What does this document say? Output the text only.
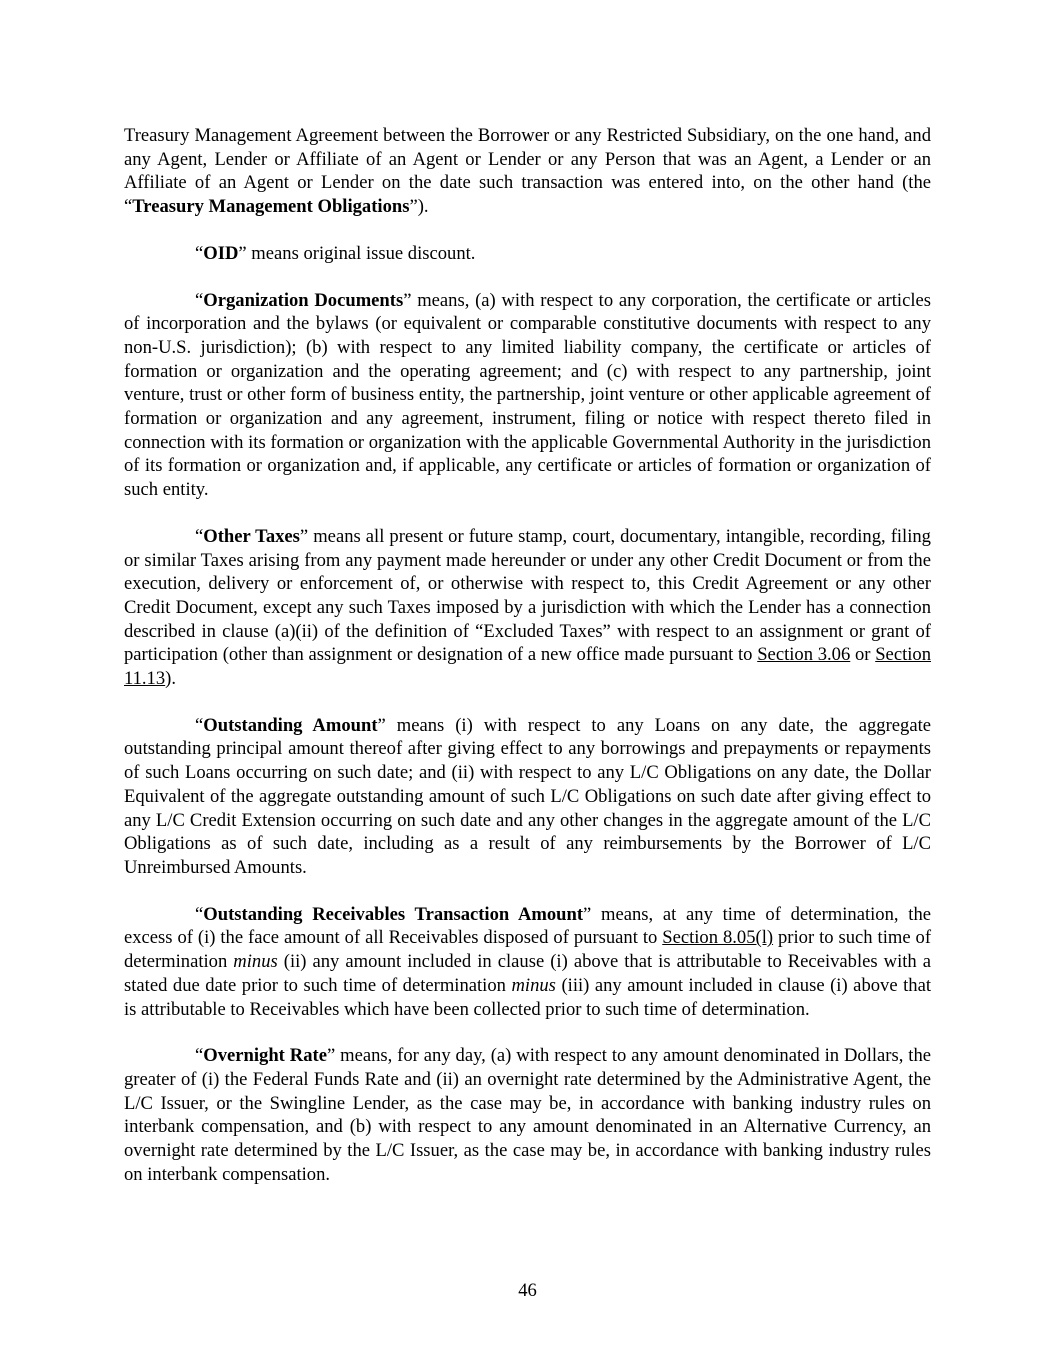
Treasury Management Agreement between the Borrower or any Restricted Subsidiary, on the one hand, and any Agent, Lender or Affiliate of an Agent or Lender or any Person that was an Agent, a Lender or an Affiliate of an Agent or Lender on the date such transaction was entered into, on the other hand (the “Treasury Management Obligations”).

“OID” means original issue discount.

“Organization Documents” means, (a) with respect to any corporation, the certificate or articles of incorporation and the bylaws (or equivalent or comparable constitutive documents with respect to any non-U.S. jurisdiction); (b) with respect to any limited liability company, the certificate or articles of formation or organization and the operating agreement; and (c) with respect to any partnership, joint venture, trust or other form of business entity, the partnership, joint venture or other applicable agreement of formation or organization and any agreement, instrument, filing or notice with respect thereto filed in connection with its formation or organization with the applicable Governmental Authority in the jurisdiction of its formation or organization and, if applicable, any certificate or articles of formation or organization of such entity.

“Other Taxes” means all present or future stamp, court, documentary, intangible, recording, filing or similar Taxes arising from any payment made hereunder or under any other Credit Document or from the execution, delivery or enforcement of, or otherwise with respect to, this Credit Agreement or any other Credit Document, except any such Taxes imposed by a jurisdiction with which the Lender has a connection described in clause (a)(ii) of the definition of “Excluded Taxes” with respect to an assignment or grant of participation (other than assignment or designation of a new office made pursuant to Section 3.06 or Section 11.13).

“Outstanding Amount” means (i) with respect to any Loans on any date, the aggregate outstanding principal amount thereof after giving effect to any borrowings and prepayments or repayments of such Loans occurring on such date; and (ii) with respect to any L/C Obligations on any date, the Dollar Equivalent of the aggregate outstanding amount of such L/C Obligations on such date after giving effect to any L/C Credit Extension occurring on such date and any other changes in the aggregate amount of the L/C Obligations as of such date, including as a result of any reimbursements by the Borrower of L/C Unreimbursed Amounts.

“Outstanding Receivables Transaction Amount” means, at any time of determination, the excess of (i) the face amount of all Receivables disposed of pursuant to Section 8.05(l) prior to such time of determination minus (ii) any amount included in clause (i) above that is attributable to Receivables with a stated due date prior to such time of determination minus (iii) any amount included in clause (i) above that is attributable to Receivables which have been collected prior to such time of determination.

“Overnight Rate” means, for any day, (a) with respect to any amount denominated in Dollars, the greater of (i) the Federal Funds Rate and (ii) an overnight rate determined by the Administrative Agent, the L/C Issuer, or the Swingline Lender, as the case may be, in accordance with banking industry rules on interbank compensation, and (b) with respect to any amount denominated in an Alternative Currency, an overnight rate determined by the L/C Issuer, as the case may be, in accordance with banking industry rules on interbank compensation.

46
